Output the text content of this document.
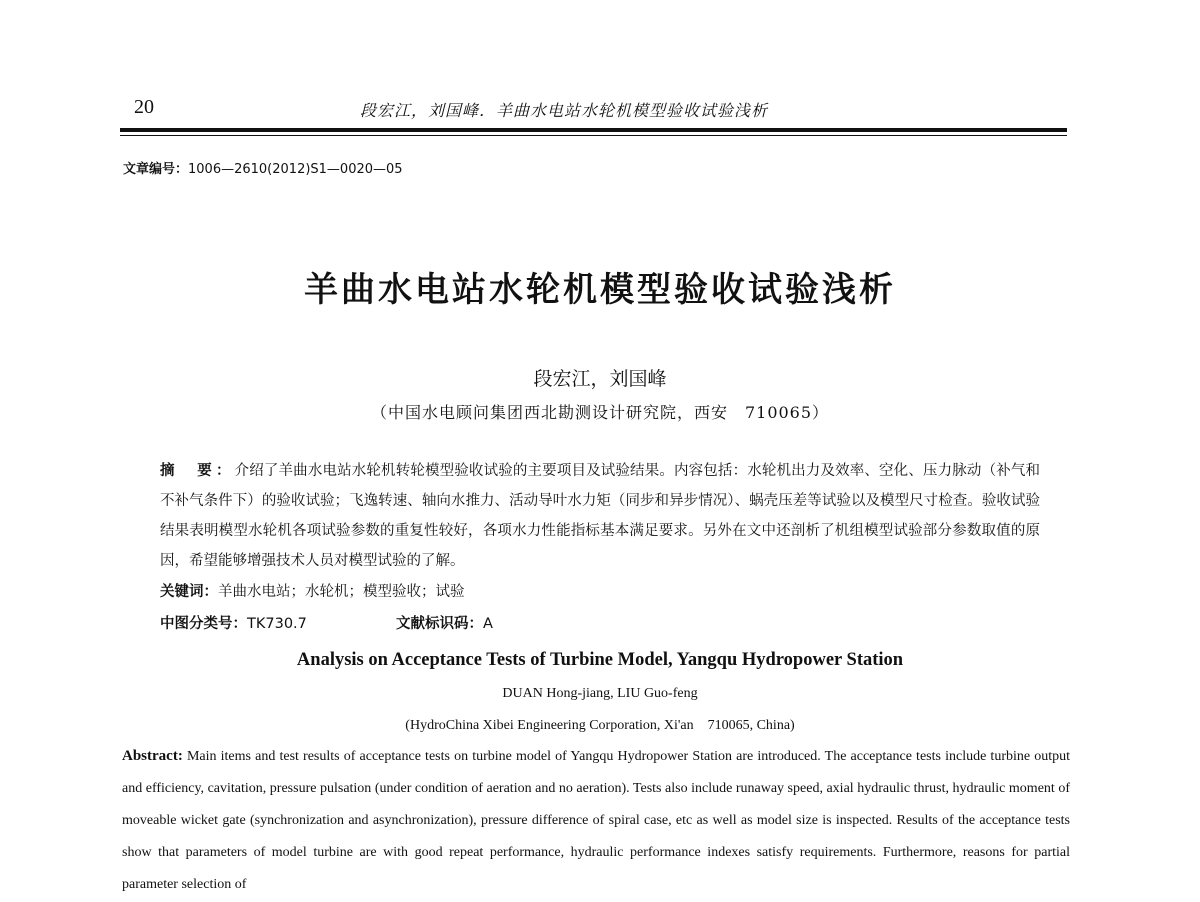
20	段宏江，刘国峰．羊曲水电站水轮机模型验收试验浅析
文章编号：1006—2610(2012)S1—0020—05
羊曲水电站水轮机模型验收试验浅析
段宏江，刘国峰
（中国水电顾问集团西北勘测设计研究院，西安　710065）
摘　要：介绍了羊曲水电站水轮机转轮模型验收试验的主要项目及试验结果。内容包括：水轮机出力及效率、空化、压力脉动（补气和不补气条件下）的验收试验；飞逸转速、轴向水推力、活动导叶水力矩（同步和异步情况）、蜗壳压差等试验以及模型尺寸检查。验收试验结果表明模型水轮机各项试验参数的重复性较好，各项水力性能指标基本满足要求。另外在文中还剖析了机组模型试验部分参数取值的原因，希望能够增强技术人员对模型试验的了解。
关键词：羊曲水电站；水轮机；模型验收；试验
中图分类号：TK730.7	文献标识码：A
Analysis on Acceptance Tests of Turbine Model, Yangqu Hydropower Station
DUAN Hong-jiang, LIU Guo-feng
(HydroChina Xibei Engineering Corporation, Xi'an　710065, China)
Abstract: Main items and test results of acceptance tests on turbine model of Yangqu Hydropower Station are introduced. The acceptance tests include turbine output and efficiency, cavitation, pressure pulsation (under condition of aeration and no aeration). Tests also include runaway speed, axial hydraulic thrust, hydraulic moment of moveable wicket gate (synchronization and asynchronization), pressure difference of spiral case, etc as well as model size is inspected. Results of the acceptance tests show that parameters of model turbine are with good repeat performance, hydraulic performance indexes satisfy requirements. Furthermore, reasons for partial parameter selection of
